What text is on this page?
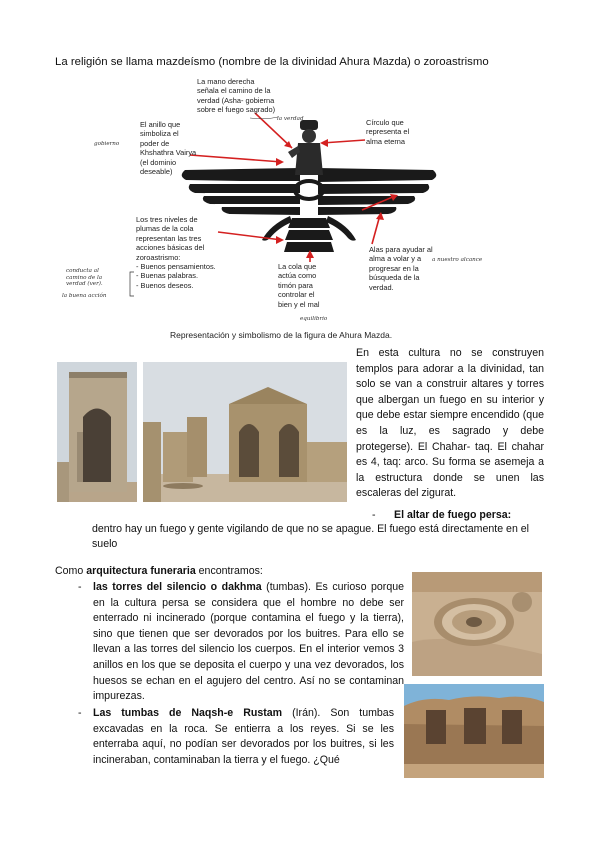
La religión se llama mazdeísmo (nombre de la divinidad Ahura Mazda) o zoroastrismo
La mano derecha
señala el camino de la
verdad (Asha- gobierna
sobre el fuego sagrado)
El anillo que
simboliza el
poder de
Khshathra Vairya
(el dominio
deseable)
Círculo que
representa el
alma eterna
Los tres niveles de
plumas de la cola
representan las tres
acciones básicas del
zoroastrismo:
- Buenos pensamientos.
- Buenas palabras.
- Buenos deseos.
La cola que
actúa como
timón para
controlar el
bien y el mal
Alas para ayudar al
alma a volar y a
progresar en la
búsqueda de la
verdad.
la verdad
gobierno
a nuestro alcance
conducta al
camino de la
verdad (ver).
la buena acción
equilibrio
Representación y simbolismo de la figura de Ahura Mazda.
En esta cultura no se construyen templos para adorar a la divinidad, tan solo se van a construir altares y torres que albergan un fuego en su interior y que debe estar siempre encendido (que es la luz, es sagrado y debe protegerse). El Chahar- taq. El chahar es 4, taq: arco. Su forma se asemeja a la estructura donde se unen las escaleras del zigurat.
- El altar de fuego persa:
dentro hay un fuego y gente vigilando de que no se apague. El fuego está directamente en el suelo
Como arquitectura funeraria encontramos:
- las torres del silencio o dakhma (tumbas). Es curioso porque en la cultura persa se considera que el hombre no debe ser enterrado ni incinerado (porque contamina el fuego y la tierra), sino que tienen que ser devorados por los buitres. Para ello se llevan a las torres del silencio los cuerpos. En el interior vemos 3 anillos en los que se deposita el cuerpo y una vez devorados, los huesos se echan en el agujero del centro. Así no se contaminan impurezas.
- Las tumbas de Naqsh-e Rustam (Irán). Son tumbas excavadas en la roca. Se entierra a los reyes. Si se les enterraba aquí, no podían ser devorados por los buitres, si les incineraban, contaminaban la tierra y el fuego. ¿Qué
